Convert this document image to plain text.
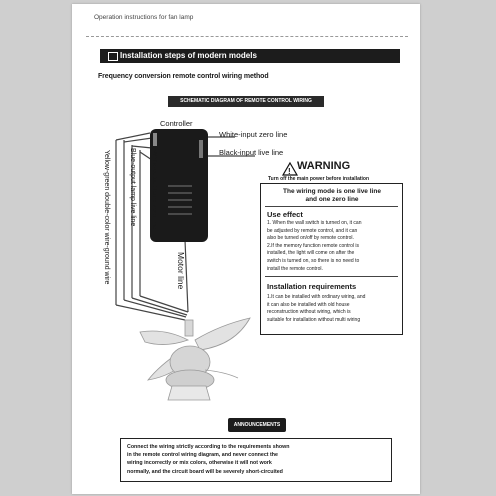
Operation instructions for fan lamp
Installation steps of modern models
Frequency conversion remote control wiring method
SCHEMATIC DIAGRAM OF REMOTE CONTROL WIRING
!
Controller
White-input zero line
Black-input live line
White-output lamp zero line
Blue-output lamp live line
Yellow-green double-color wire-ground wire	Motor line
WARNING
Turn off the main power before installation
The wiring mode is one live line
and one zero line
Use effect
1. When the wall switch is turned on, it can
be adjusted by remote control, and it can
also be turned on/off by remote control.
2.If the memory function remote control is
installed, the light will come on after the
switch is turned on, so there is no need to
install the remote control.
Installation requirements
1.It can be installed with ordinary wiring, and
it can also be installed with old house
reconstruction without wiring, which is
suitable for installation without multi wiring
ANNOUNCEMENTS
Connect the wiring strictly according to the requirements shown
in the remote control wiring diagram, and never connect the
wiring incorrectly or mix colors, otherwise it will not work
normally, and the circuit board will be severely short-circuited
